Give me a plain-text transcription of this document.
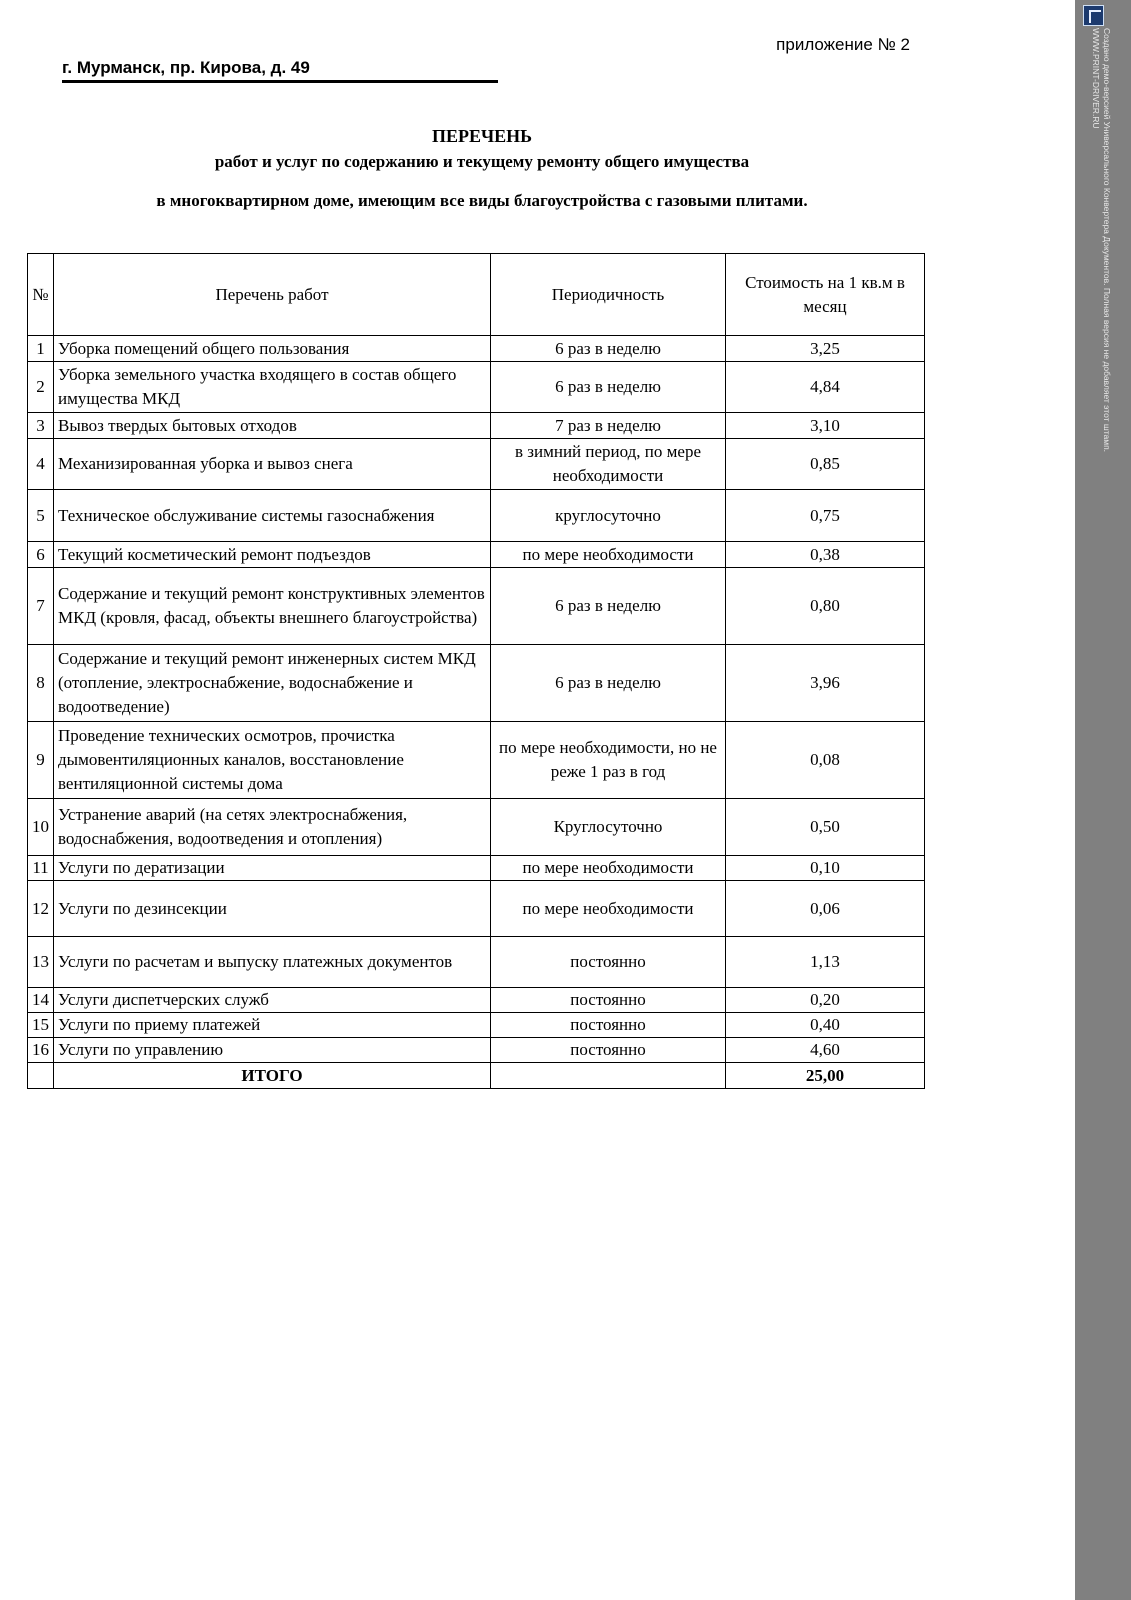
приложение № 2
г. Мурманск, пр. Кирова, д. 49
ПЕРЕЧЕНЬ
работ и услуг по содержанию и текущему ремонту общего имущества
в многоквартирном доме, имеющим все виды благоустройства с газовыми плитами.
№	Перечень работ	Периодичность	Стоимость на 1 кв.м в месяц
1	Уборка помещений общего пользования	6 раз в неделю	3,25
2	Уборка земельного участка входящего в состав общего имущества МКД	6 раз в неделю	4,84
3	Вывоз твердых бытовых отходов	7 раз в неделю	3,10
4	Механизированная уборка и вывоз снега	в зимний период, по мере необходимости	0,85
5	Техническое обслуживание системы газоснабжения	круглосуточно	0,75
6	Текущий косметический ремонт подъездов	по мере необходимости	0,38
7	Содержание и текущий ремонт конструктивных элементов МКД (кровля, фасад, объекты внешнего благоустройства)	6 раз в неделю	0,80
8	Содержание и текущий ремонт инженерных систем МКД (отопление, электроснабжение, водоснабжение и водоотведение)	6 раз в неделю	3,96
9	Проведение технических осмотров, прочистка дымовентиляционных каналов, восстановление вентиляционной системы дома	по мере необходимости, но не реже 1 раз в год	0,08
10	Устранение аварий (на сетях электроснабжения, водоснабжения, водоотведения и отопления)	Круглосуточно	0,50
11	Услуги по дератизации	по мере необходимости	0,10
12	Услуги по дезинсекции	по мере необходимости	0,06
13	Услуги по расчетам и выпуску платежных документов	постоянно	1,13
14	Услуги диспетчерских служб	постоянно	0,20
15	Услуги по приему платежей	постоянно	0,40
16	Услуги по управлению	постоянно	4,60
	ИТОГО		25,00
Создано демо-версией Универсального Конвертера Документов. Полная версия не добавляет этот штамп.
WWW.PRINT-DRIVER.RU
